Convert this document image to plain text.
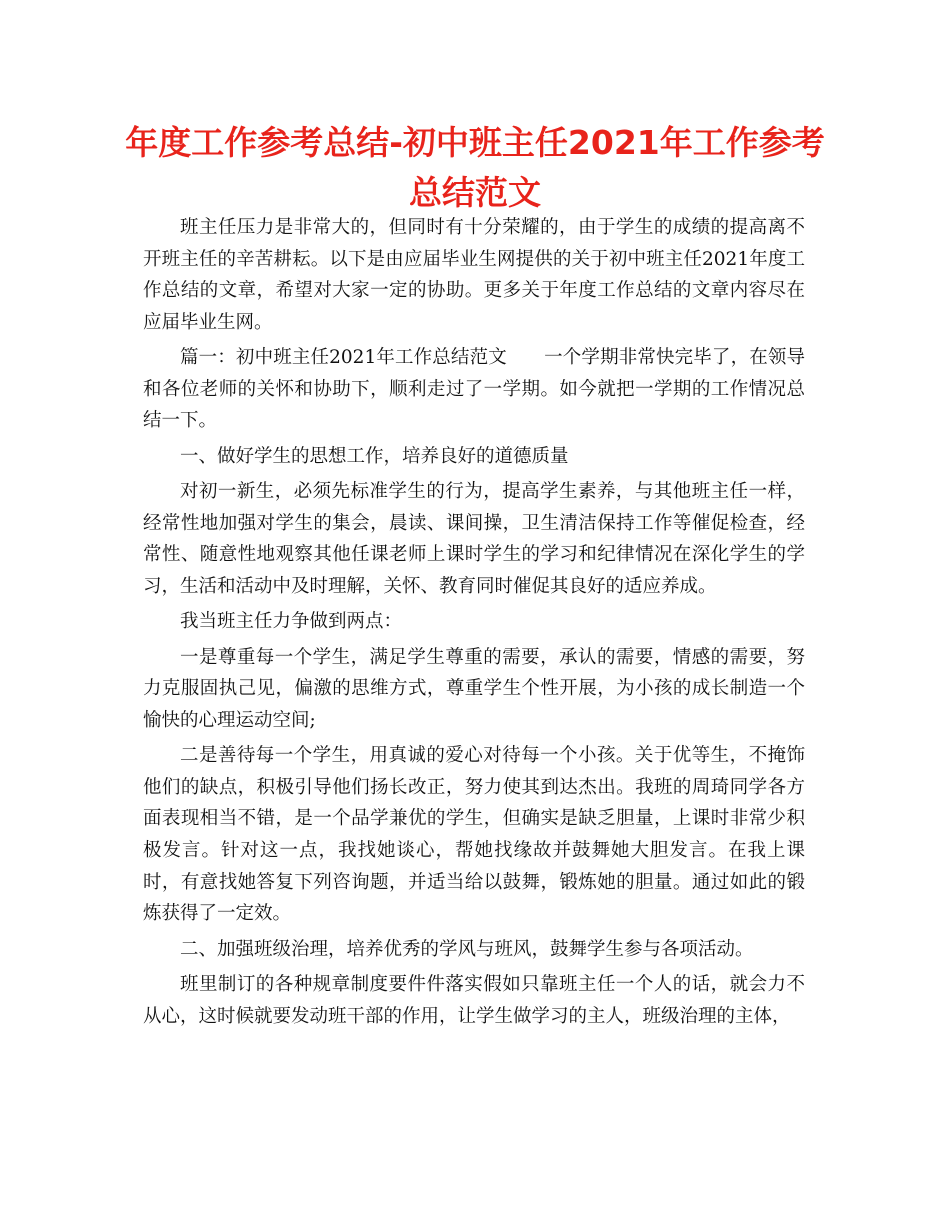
年度工作参考总结-初中班主任2021年工作参考总结范文

班主任压力是非常大的，但同时有十分荣耀的，由于学生的成绩的提高离不开班主任的辛苦耕耘。以下是由应届毕业生网提供的关于初中班主任2021年度工作总结的文章，希望对大家一定的协助。更多关于年度工作总结的文章内容尽在应届毕业生网。

篇一：初中班主任2021年工作总结范文　　一个学期非常快完毕了，在领导和各位老师的关怀和协助下，顺利走过了一学期。如今就把一学期的工作情况总结一下。

一、做好学生的思想工作，培养良好的道德质量

对初一新生，必须先标准学生的行为，提高学生素养，与其他班主任一样，经常性地加强对学生的集会，晨读、课间操，卫生清洁保持工作等催促检查，经常性、随意性地观察其他任课老师上课时学生的学习和纪律情况在深化学生的学习，生活和活动中及时理解，关怀、教育同时催促其良好的适应养成。

我当班主任力争做到两点：

一是尊重每一个学生，满足学生尊重的需要，承认的需要，情感的需要，努力克服固执己见，偏激的思维方式，尊重学生个性开展，为小孩的成长制造一个愉快的心理运动空间;

二是善待每一个学生，用真诚的爱心对待每一个小孩。关于优等生，不掩饰他们的缺点，积极引导他们扬长改正，努力使其到达杰出。我班的周琦同学各方面表现相当不错，是一个品学兼优的学生，但确实是缺乏胆量，上课时非常少积极发言。针对这一点，我找她谈心，帮她找缘故并鼓舞她大胆发言。在我上课时，有意找她答复下列咨询题，并适当给以鼓舞，锻炼她的胆量。通过如此的锻炼获得了一定效。

二、加强班级治理，培养优秀的学风与班风，鼓舞学生参与各项活动。

班里制订的各种规章制度要件件落实假如只靠班主任一个人的话，就会力不从心，这时候就要发动班干部的作用，让学生做学习的主人，班级治理的主体，
